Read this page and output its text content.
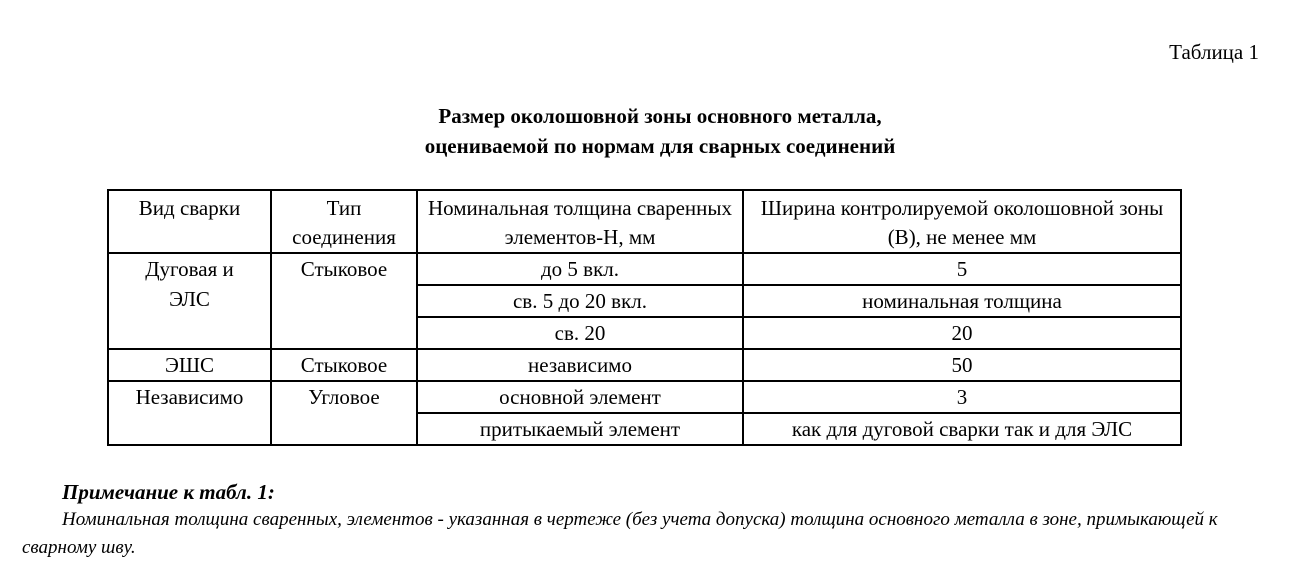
Таблица 1
Размер околошовной зоны основного металла,
оцениваемой по нормам для сварных соединений
Вид сварки	Тип соединения	Номинальная толщина сваренных элементов-Н, мм	Ширина контролируемой околошовной зоны (В), не менее мм
Дуговая и ЭЛС	Стыковое	до 5 вкл.	5
		св. 5 до 20 вкл.	номинальная толщина
		св. 20	20
ЭШС	Стыковое	независимо	50
Независимо	Угловое	основной элемент	3
		притыкаемый элемент	как для дуговой сварки так и для ЭЛС
Примечание к табл. 1:

Номинальная толщина сваренных, элементов - указанная в чертеже (без учета допуска) толщина основного металла в зоне, примыкающей к сварному шву.
